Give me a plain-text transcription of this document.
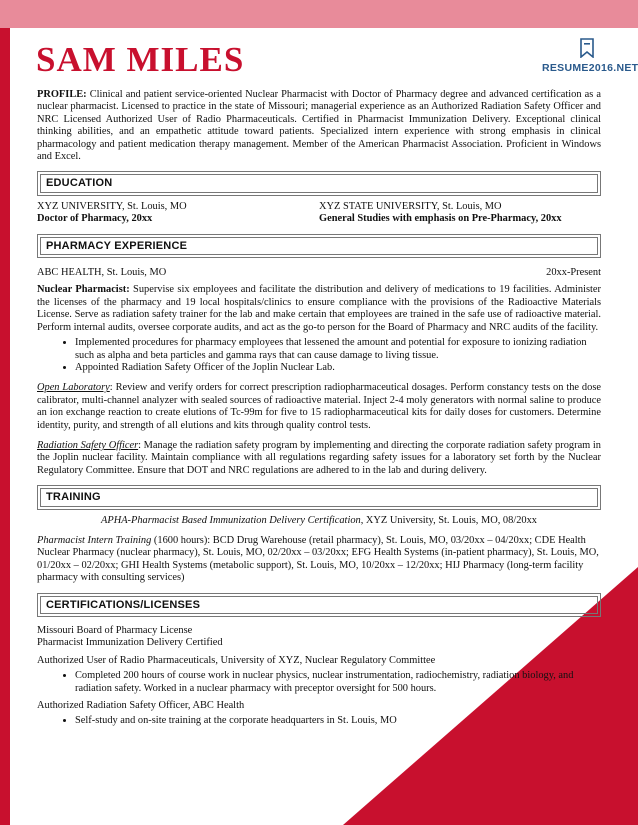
SAM MILES	RESUME2016.NET
PROFILE: Clinical and patient service-oriented Nuclear Pharmacist with Doctor of Pharmacy degree and advanced certification as a nuclear pharmacist. Licensed to practice in the state of Missouri; managerial experience as an Authorized Radiation Safety Officer and NRC Licensed Authorized User of Radio Pharmaceuticals. Certified in Pharmacist Immunization Delivery. Exceptional clinical thinking abilities, and an empathetic attitude toward patients. Specialized intern experience with strong emphasis in clinical pharmacology and patient medication therapy management. Member of the American Pharmacist Association. Proficient in Windows and Excel.
EDUCATION
XYZ UNIVERSITY, St. Louis, MO
Doctor of Pharmacy, 20xx
XYZ STATE UNIVERSITY, St. Louis, MO
General Studies with emphasis on Pre-Pharmacy, 20xx
PHARMACY EXPERIENCE
ABC HEALTH, St. Louis, MO	20xx-Present
Nuclear Pharmacist: Supervise six employees and facilitate the distribution and delivery of medications to 19 facilities. Administer the licenses of the pharmacy and 19 local hospitals/clinics to ensure compliance with the provisions of the Radioactive Materials License. Serve as radiation safety trainer for the lab and make certain that employees are trained in the safe use of radioactive material. Perform internal audits, oversee corporate audits, and act as the go-to person for the Board of Pharmacy and NRC audits of the facility.
• Implemented procedures for pharmacy employees that lessened the amount and potential for exposure to ionizing radiation such as alpha and beta particles and gamma rays that can cause damage to living tissue.
• Appointed Radiation Safety Officer of the Joplin Nuclear Lab.
Open Laboratory: Review and verify orders for correct prescription radiopharmaceutical dosages. Perform constancy tests on the dose calibrator, multi-channel analyzer with sealed sources of radioactive material. Inject 2-4 moly generators with normal saline to produce an ion exchange reaction to create elutions of Tc-99m for five to 15 radiopharmaceutical kits for daily doses for customers. Determine identity, purity, and strength of all elutions and kits through quality control tests.
Radiation Safety Officer: Manage the radiation safety program by implementing and directing the corporate radiation safety program in the Joplin nuclear facility. Maintain compliance with all regulations regarding safety issues for a laboratory set forth by the Nuclear Regulatory Committee. Ensure that DOT and NRC regulations are adhered to in the lab and during delivery.
TRAINING
APHA-Pharmacist Based Immunization Delivery Certification, XYZ University, St. Louis, MO, 08/20xx
Pharmacist Intern Training (1600 hours): BCD Drug Warehouse (retail pharmacy), St. Louis, MO, 03/20xx – 04/20xx; CDE Health Nuclear Pharmacy (nuclear pharmacy), St. Louis, MO, 02/20xx – 03/20xx; EFG Health Systems (in-patient pharmacy), St. Louis, MO, 01/20xx – 02/20xx; GHI Health Systems (metabolic support), St. Louis, MO, 10/20xx – 12/20xx; HIJ Pharmacy (long-term facility pharmacy with consulting services)
CERTIFICATIONS/LICENSES
Missouri Board of Pharmacy License
Pharmacist Immunization Delivery Certified
Authorized User of Radio Pharmaceuticals, University of XYZ, Nuclear Regulatory Committee
• Completed 200 hours of course work in nuclear physics, nuclear instrumentation, radiochemistry, radiation biology, and radiation safety. Worked in a nuclear pharmacy with preceptor oversight for 500 hours.
Authorized Radiation Safety Officer, ABC Health
• Self-study and on-site training at the corporate headquarters in St. Louis, MO
